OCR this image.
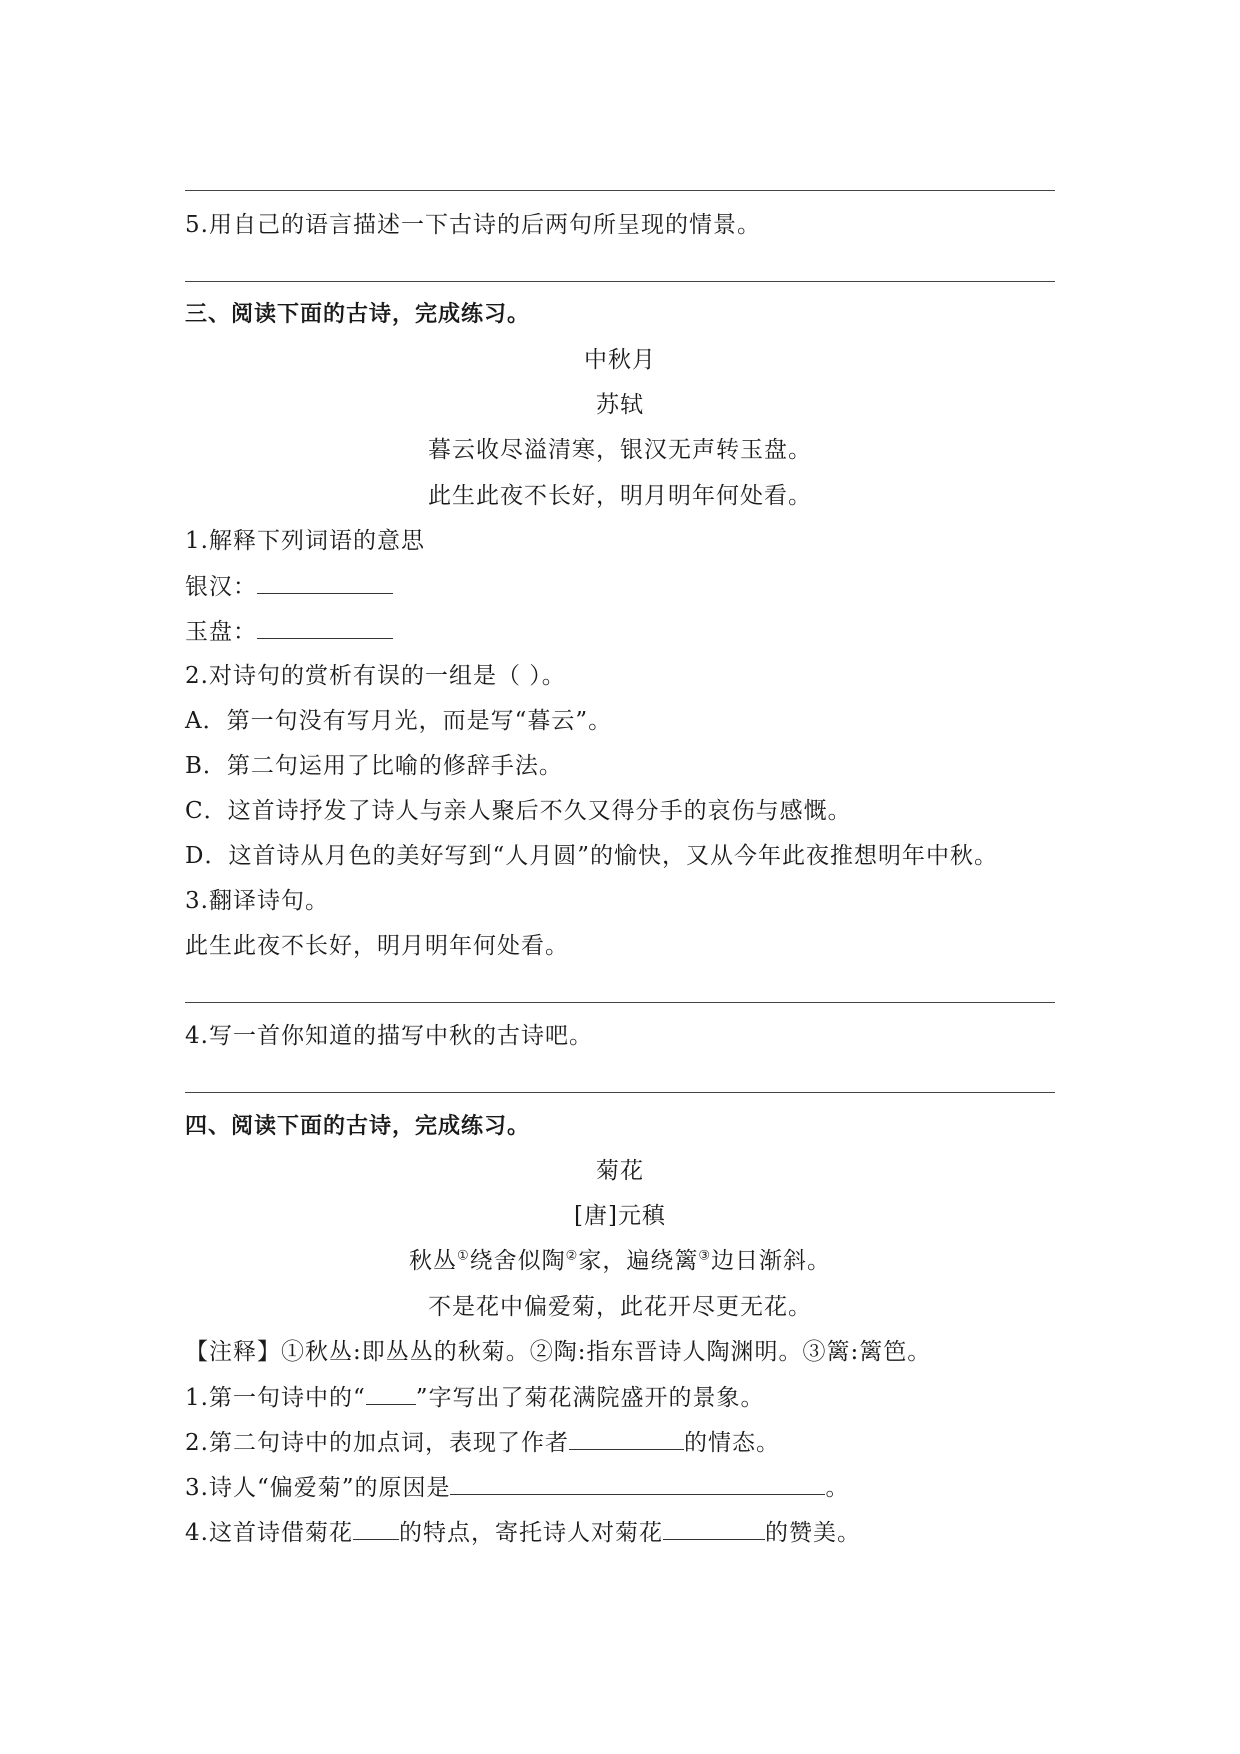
5.用自己的语言描述一下古诗的后两句所呈现的情景。
三、阅读下面的古诗，完成练习。
中秋月
苏轼
暮云收尽溢清寒，银汉无声转玉盘。
此生此夜不长好，明月明年何处看。
1.解释下列词语的意思
银汉：
玉盘：
2.对诗句的赏析有误的一组是（ ）。
A．第一句没有写月光，而是写“暮云”。
B．第二句运用了比喻的修辞手法。
C．这首诗抒发了诗人与亲人聚后不久又得分手的哀伤与感慨。
D．这首诗从月色的美好写到“人月圆”的愉快，又从今年此夜推想明年中秋。
3.翻译诗句。
此生此夜不长好，明月明年何处看。
4.写一首你知道的描写中秋的古诗吧。
四、阅读下面的古诗，完成练习。
菊花
[唐]元稹
秋丛①绕舍似陶②家，遍绕篱③边日渐斜。
不是花中偏爱菊，此花开尽更无花。
【注释】①秋丛:即丛丛的秋菊。②陶:指东晋诗人陶渊明。③篱:篱笆。
1.第一句诗中的“ ”字写出了菊花满院盛开的景象。
2.第二句诗中的加点词，表现了作者	的情态。
3.诗人“偏爱菊”的原因是	。
4.这首诗借菊花 的特点，寄托诗人对菊花	的赞美。
